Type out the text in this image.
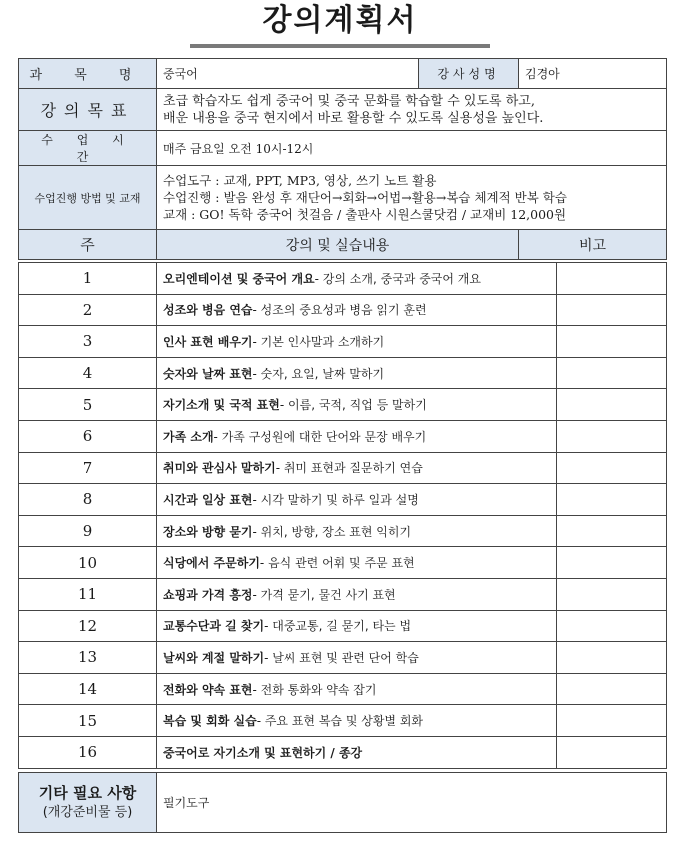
강의계획서
과 목 명	중국어	강사성명	김경아
강의목표	초급 학습자도 쉽게 중국어 및 중국 문화를 학습할 수 있도록 하고,
배운 내용을 중국 현지에서 바로 활용할 수 있도록 실용성을 높인다.		

수 업 시 간	매주 금요일 오전 10시-12시		
수업진행 방법 및 교재	수업도구 : 교재, PPT, MP3, 영상, 쓰기 노트 활용
수업진행 : 발음 완성 후 재단어→회화→어법→활용→복습 체계적 반복 학습
교재 : GO! 독학 중국어 첫걸음 / 출판사 시원스쿨닷컴 / 교재비 12,000원		

주	강의 및 실습내용		비고
1	오리엔테이션 및 중국어 개요- 강의 소개, 중국과 중국어 개요	
2	성조와 병음 연습- 성조의 중요성과 병음 읽기 훈련	
3	인사 표현 배우기- 기본 인사말과 소개하기	
4	숫자와 날짜 표현- 숫자, 요일, 날짜 말하기	
5	자기소개 및 국적 표현- 이름, 국적, 직업 등 말하기	
6	가족 소개- 가족 구성원에 대한 단어와 문장 배우기	
7	취미와 관심사 말하기- 취미 표현과 질문하기 연습	
8	시간과 일상 표현- 시각 말하기 및 하루 일과 설명	
9	장소와 방향 묻기- 위치, 방향, 장소 표현 익히기	
10	식당에서 주문하기- 음식 관련 어휘 및 주문 표현	
11	쇼핑과 가격 흥정- 가격 묻기, 물건 사기 표현	
12	교통수단과 길 찾기- 대중교통, 길 묻기, 타는 법	
13	날씨와 계절 말하기- 날씨 표현 및 관련 단어 학습	
14	전화와 약속 표현- 전화 통화와 약속 잡기	
15	복습 및 회화 실습- 주요 표현 복습 및 상황별 회화	
16	중국어로 자기소개 및 표현하기 / 종강	
기타 필요 사항
(개강준비물 등)
	필기도구
